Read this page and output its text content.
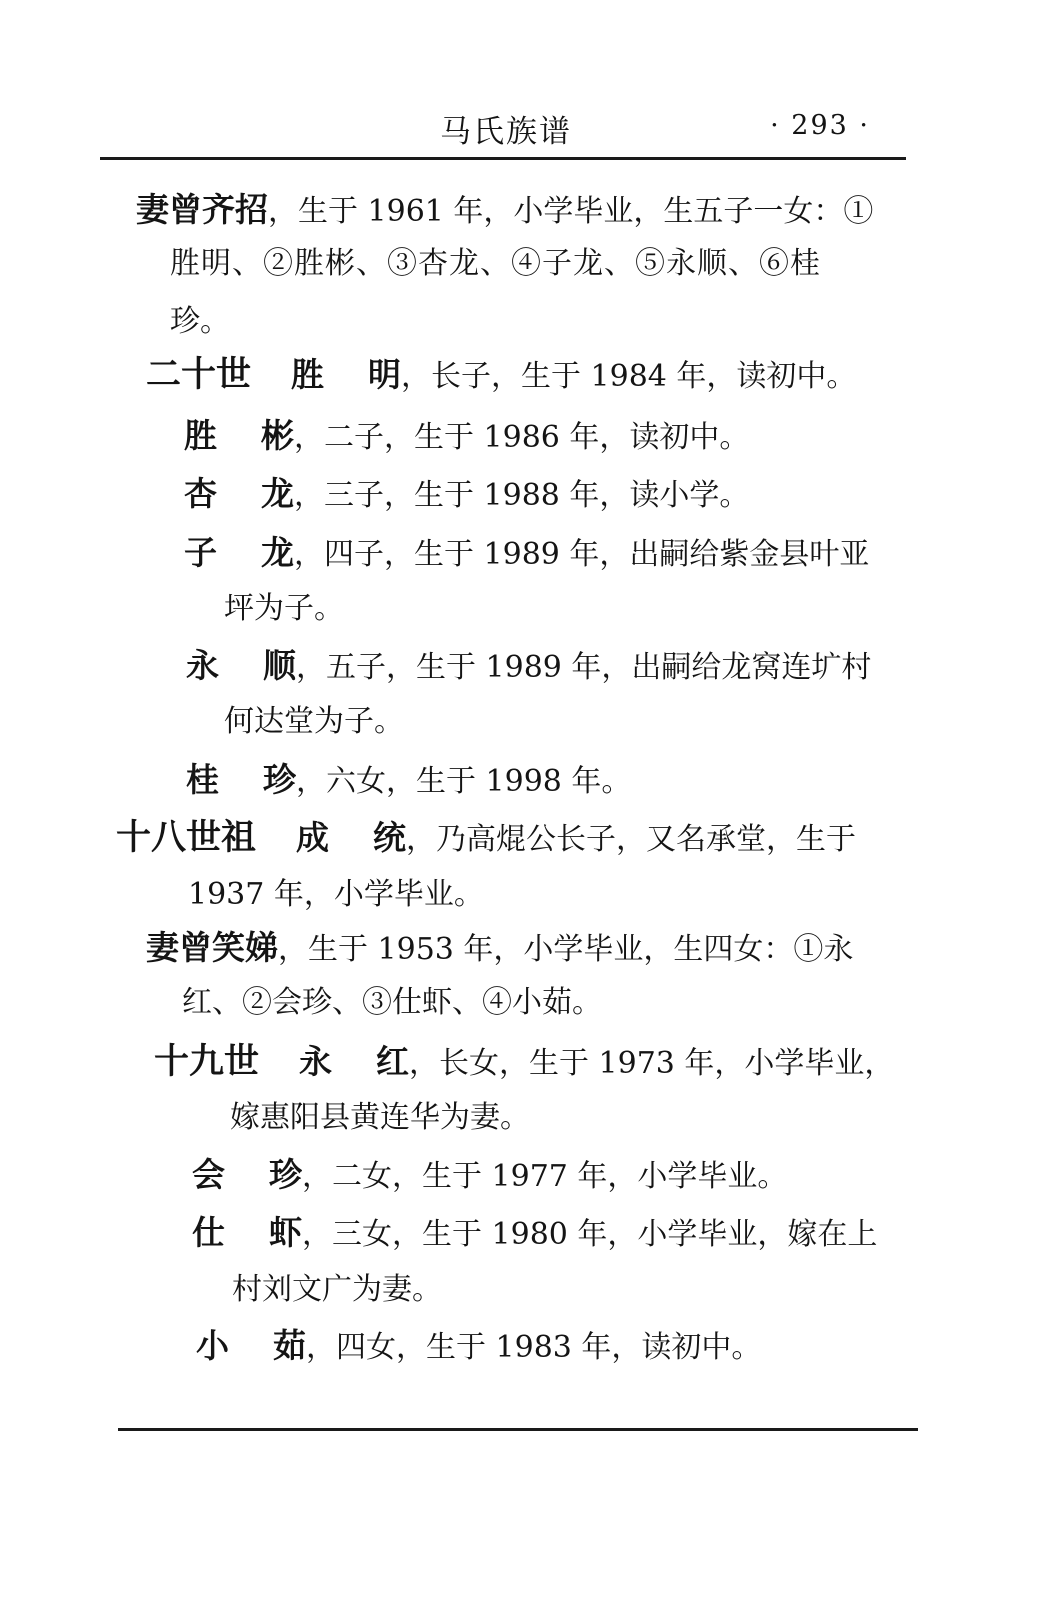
马氏族谱	· 293 ·
妻曾齐招，生于 1961 年，小学毕业，生五子一女：①
胜明、②胜彬、③杏龙、④子龙、⑤永顺、⑥桂
珍。
二十世 胜 明，长子，生于 1984 年，读初中。
胜 彬，二子，生于 1986 年，读初中。
杏 龙，三子，生于 1988 年，读小学。
子 龙，四子，生于 1989 年，出嗣给紫金县叶亚
坪为子。
永 顺，五子，生于 1989 年，出嗣给龙窝连圹村
何达堂为子。
桂 珍，六女，生于 1998 年。
十八世祖 成 统，乃高焜公长子，又名承堂，生于
1937 年，小学毕业。
妻曾笑娣，生于 1953 年，小学毕业，生四女：①永
红、②会珍、③仕虾、④小茹。
十九世 永 红，长女，生于 1973 年，小学毕业，
嫁惠阳县黄连华为妻。
会 珍，二女，生于 1977 年，小学毕业。
仕 虾，三女，生于 1980 年，小学毕业，嫁在上
村刘文广为妻。
小 茹，四女，生于 1983 年，读初中。
